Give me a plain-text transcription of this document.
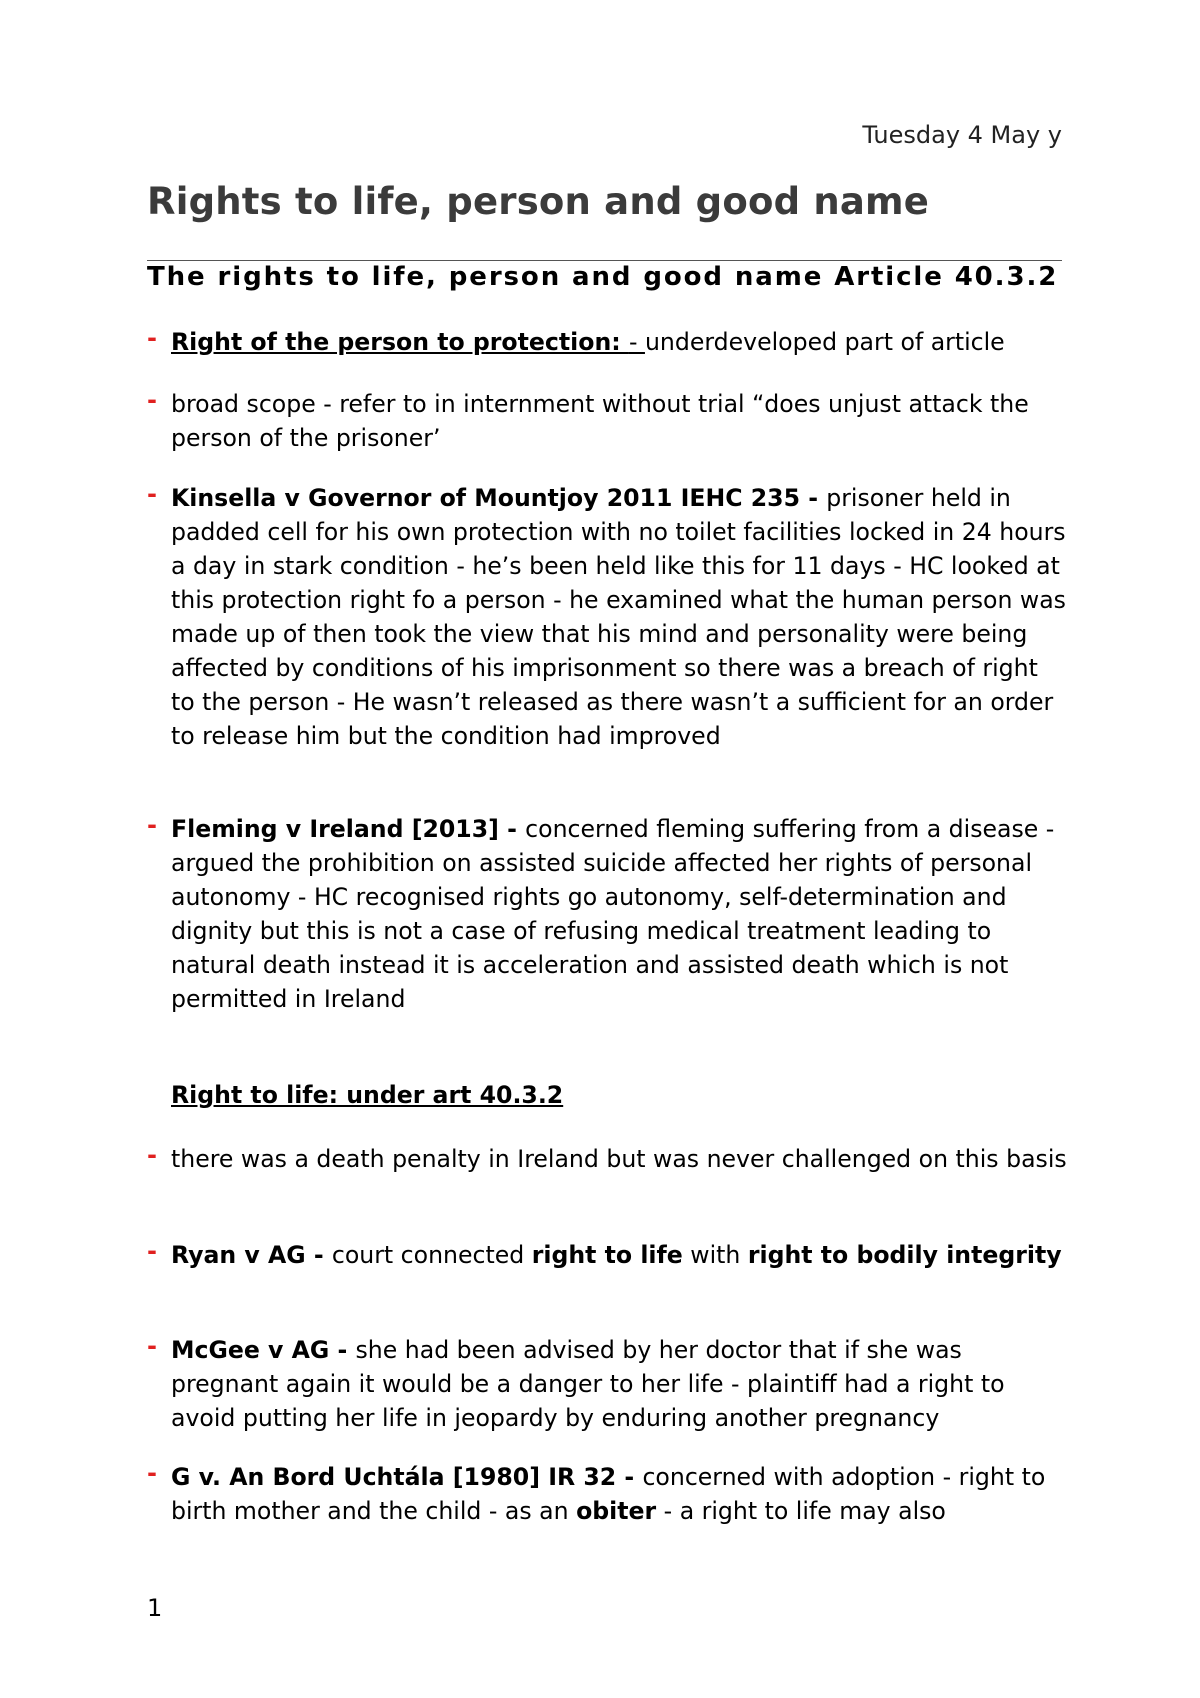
Tuesday 4 May y
Rights to life, person and good name
The rights to life, person and good name Article 40.3.2
- Right of the person to protection: - underdeveloped part of article
- broad scope - refer to in internment without trial “does unjust attack the person of the prisoner’
- Kinsella v Governor of Mountjoy 2011 IEHC 235 - prisoner held in padded cell for his own protection with no toilet facilities locked in 24 hours a day in stark condition - he’s been held like this for 11 days - HC looked at this protection right fo a person - he examined what the human person was made up of then took the view that his mind and personality were being affected by conditions of his imprisonment so there was a breach of right to the person - He wasn’t released as there wasn’t a sufficient for an order to release him but the condition had improved
- Fleming v Ireland [2013] - concerned fleming suffering from a disease - argued the prohibition on assisted suicide affected her rights of personal autonomy - HC recognised rights go autonomy, self-determination and dignity but this is not a case of refusing medical treatment leading to natural death instead it is acceleration and assisted death which is not permitted in Ireland
Right to life: under art 40.3.2
- there was a death penalty in Ireland but was never challenged on this basis
- Ryan v AG - court connected right to life with right to bodily integrity
- McGee v AG - she had been advised by her doctor that if she was pregnant again it would be a danger to her life - plaintiff had a right to avoid putting her life in jeopardy by enduring another pregnancy
- G v. An Bord Uchtála [1980] IR 32 - concerned with adoption - right to birth mother and the child - as an obiter - a right to life may also
1
